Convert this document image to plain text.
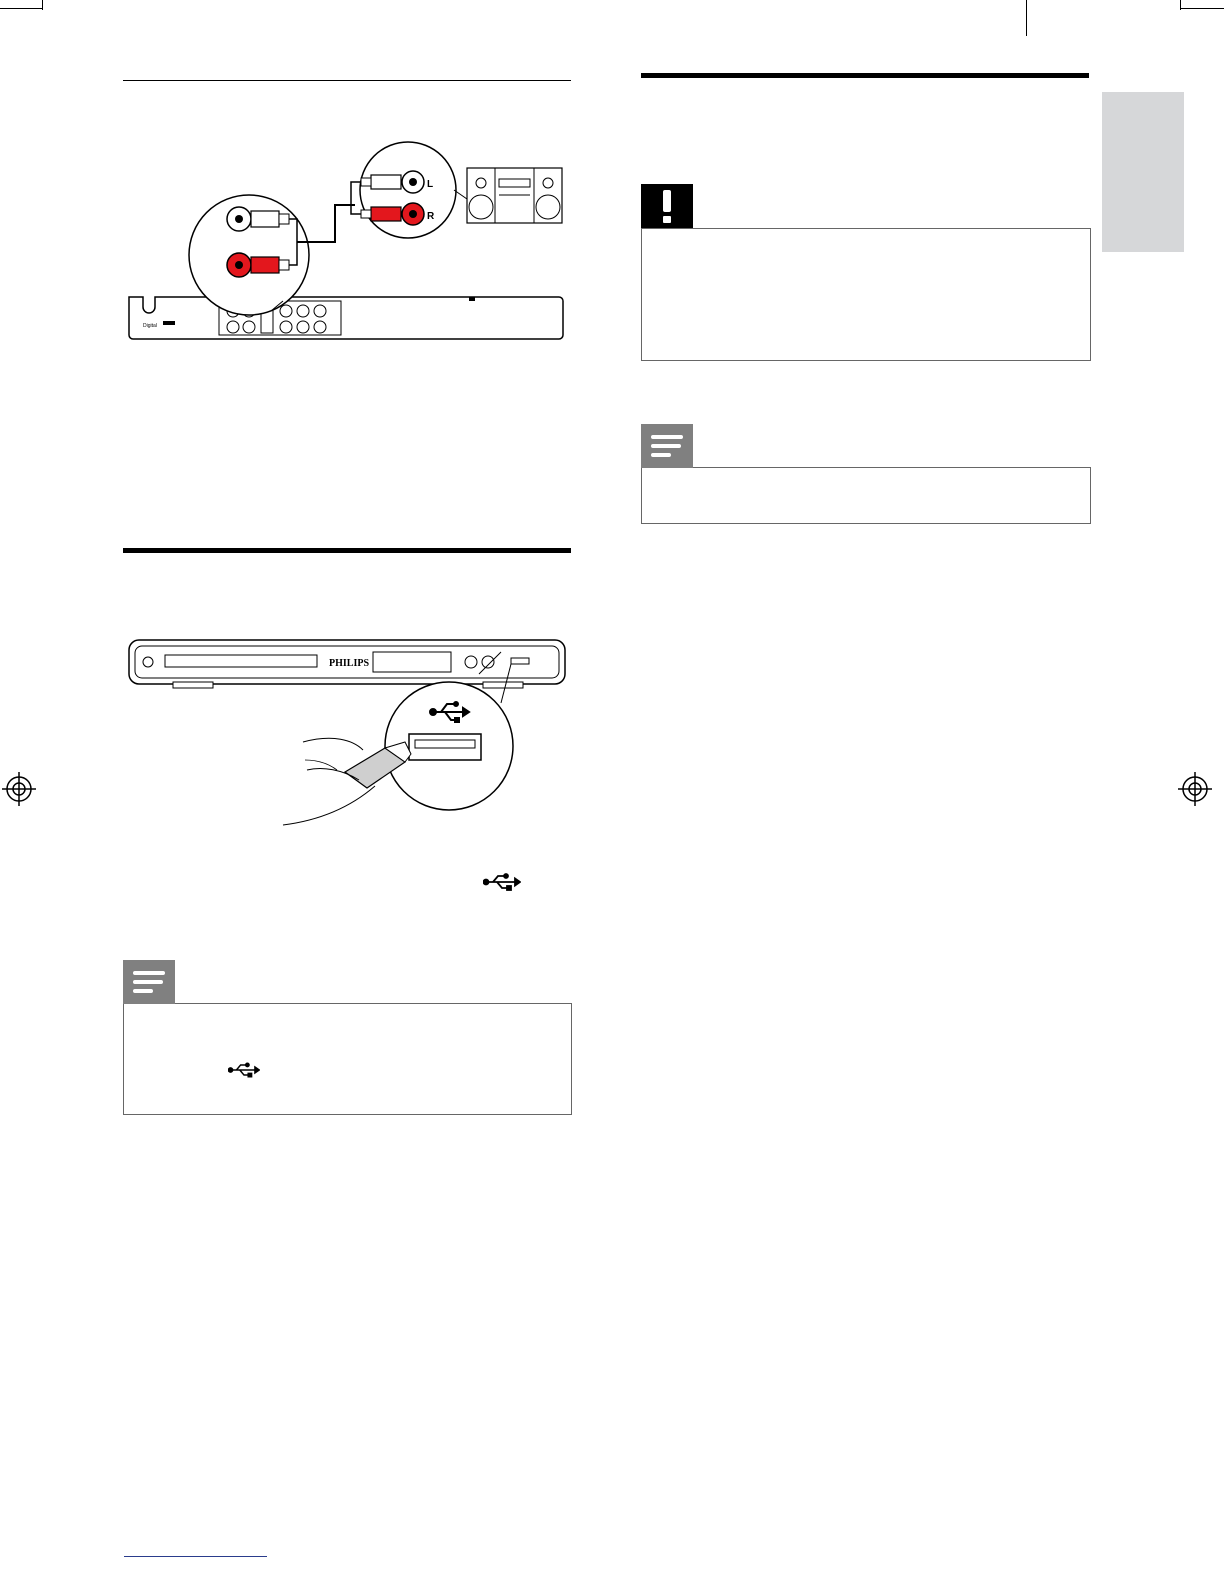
Digital
L
R
PHILIPS
